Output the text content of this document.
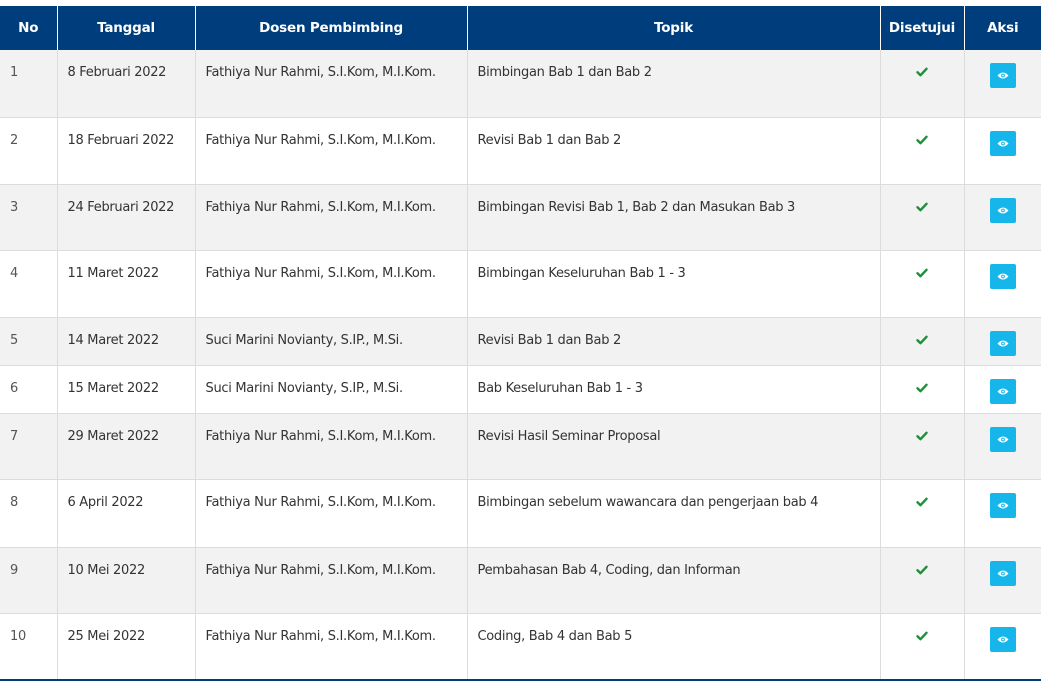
No	Tanggal	Dosen Pembimbing	Topik	Disetujui	Aksi
1	8 Februari 2022	Fathiya Nur Rahmi, S.I.Kom, M.I.Kom.	Bimbingan Bab 1 dan Bab 2		

2	18 Februari 2022	Fathiya Nur Rahmi, S.I.Kom, M.I.Kom.	Revisi Bab 1 dan Bab 2		

3	24 Februari 2022	Fathiya Nur Rahmi, S.I.Kom, M.I.Kom.	Bimbingan Revisi Bab 1, Bab 2 dan Masukan Bab 3		

4	11 Maret 2022	Fathiya Nur Rahmi, S.I.Kom, M.I.Kom.	Bimbingan Keseluruhan Bab 1 - 3		

5	14 Maret 2022	Suci Marini Novianty, S.IP., M.Si.	Revisi Bab 1 dan Bab 2		

6	15 Maret 2022	Suci Marini Novianty, S.IP., M.Si.	Bab Keseluruhan Bab 1 - 3		

7	29 Maret 2022	Fathiya Nur Rahmi, S.I.Kom, M.I.Kom.	Revisi Hasil Seminar Proposal		

8	6 April 2022	Fathiya Nur Rahmi, S.I.Kom, M.I.Kom.	Bimbingan sebelum wawancara dan pengerjaan bab 4		

9	10 Mei 2022	Fathiya Nur Rahmi, S.I.Kom, M.I.Kom.	Pembahasan Bab 4, Coding, dan Informan		

10	25 Mei 2022	Fathiya Nur Rahmi, S.I.Kom, M.I.Kom.	Coding, Bab 4 dan Bab 5		
